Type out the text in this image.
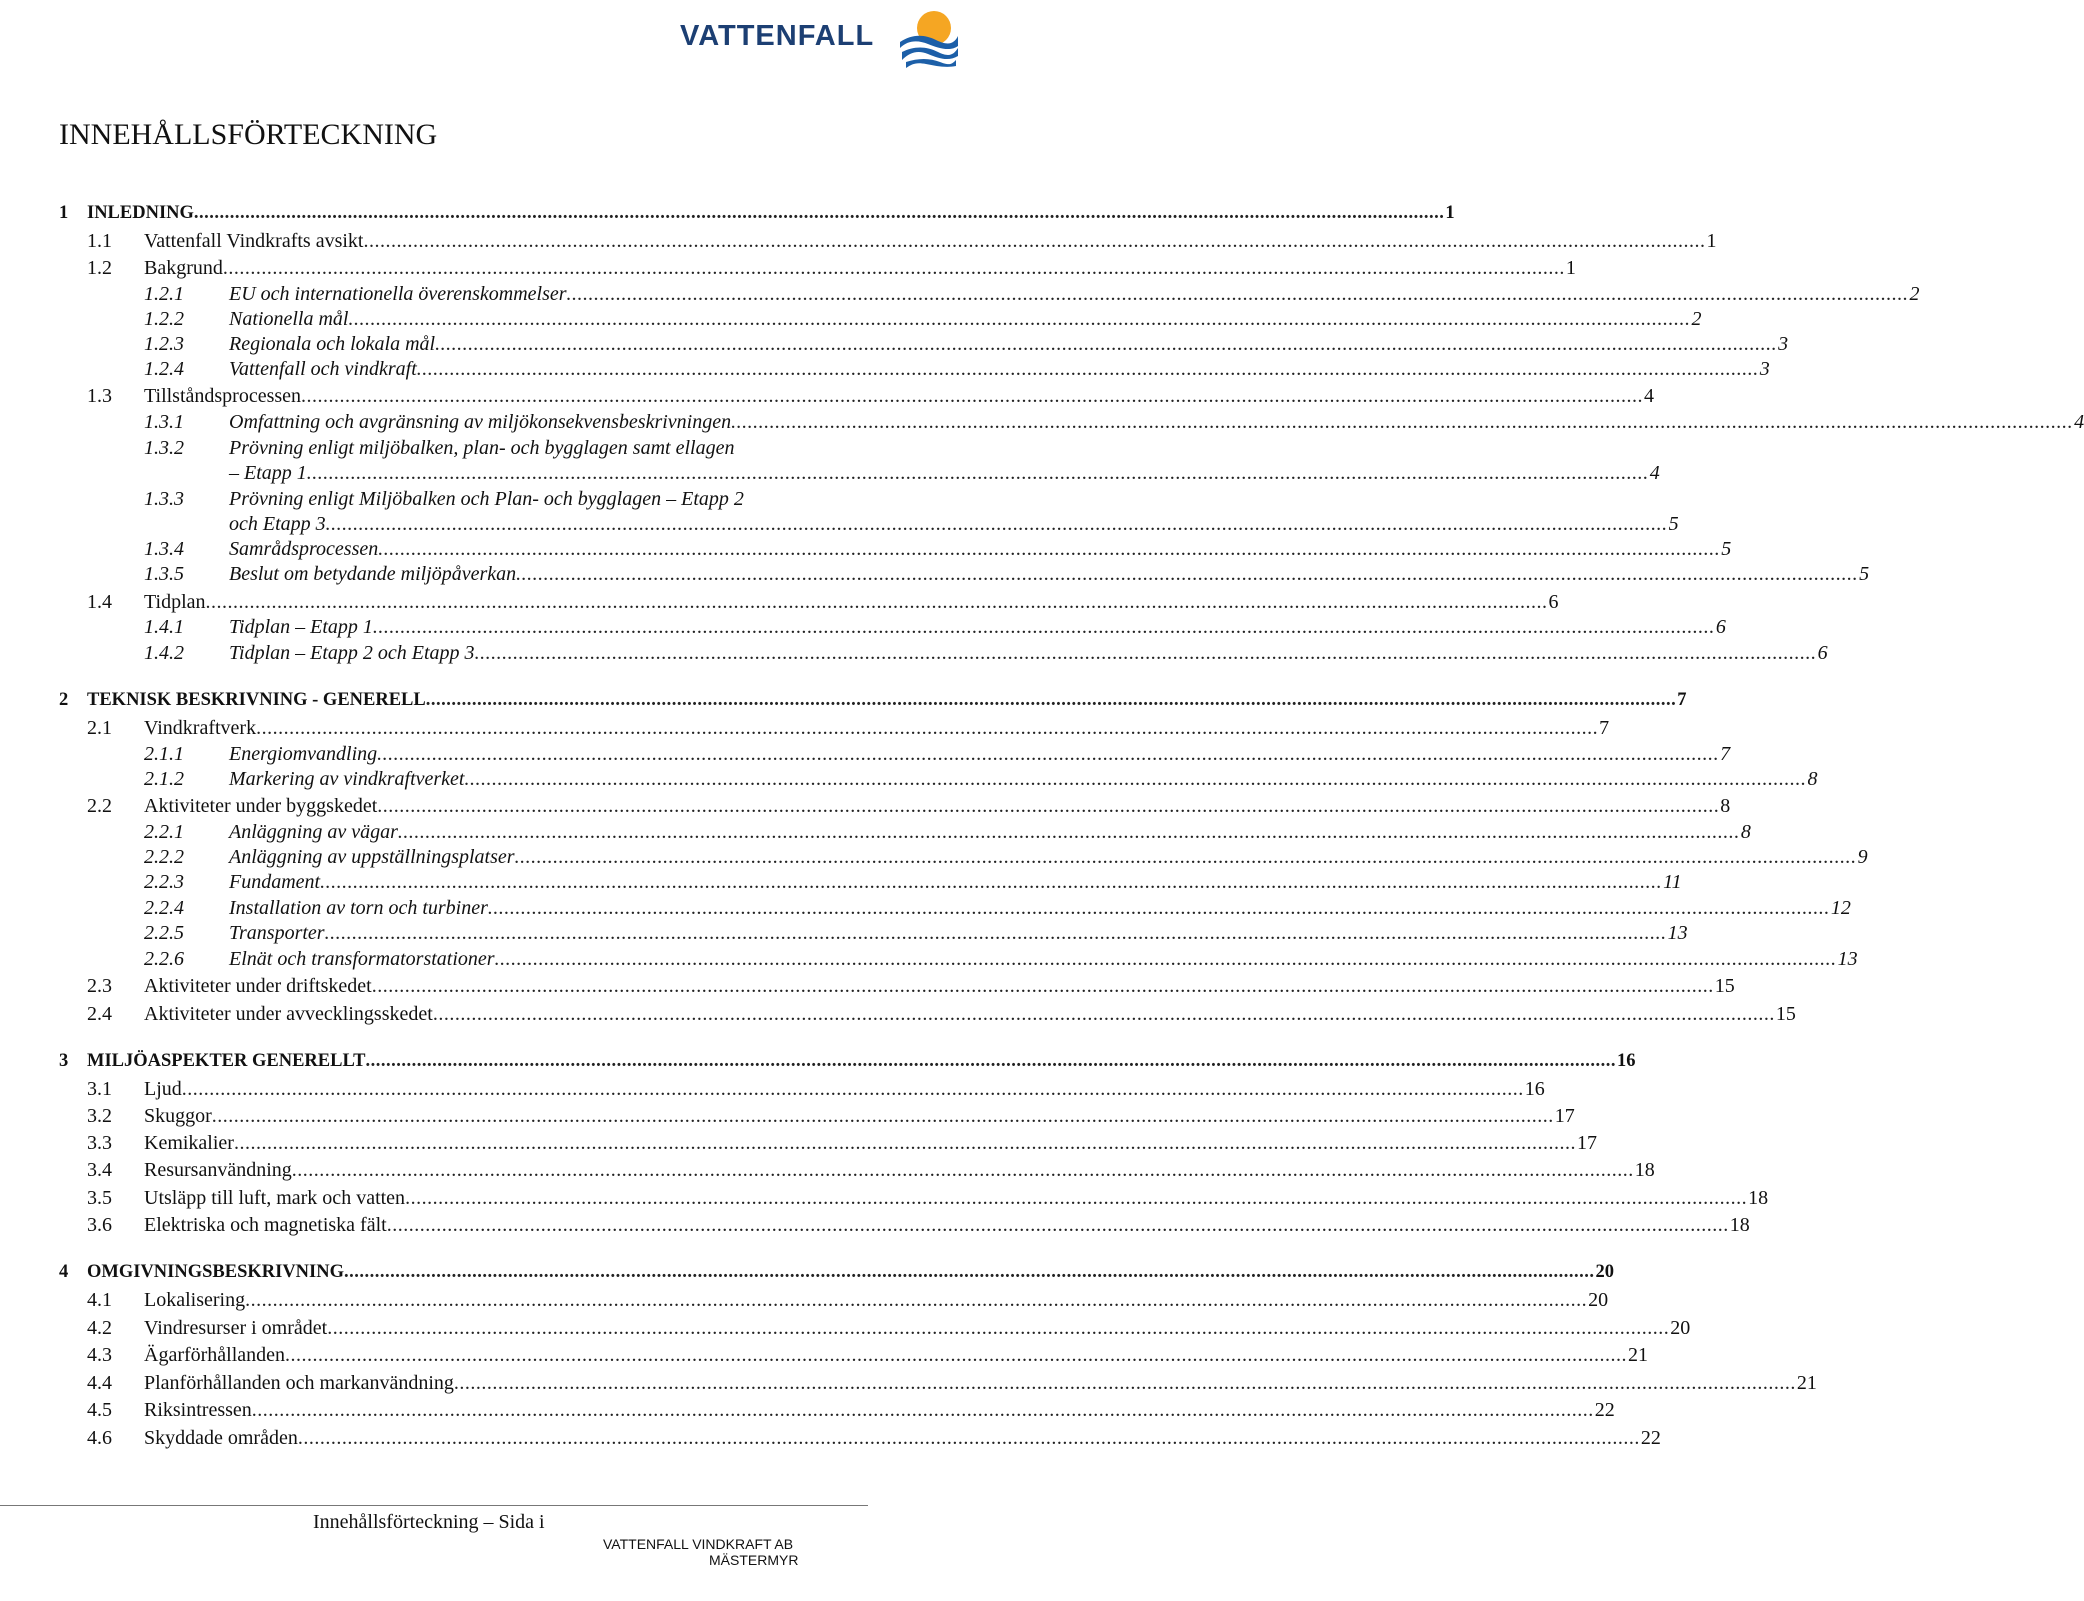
VATTENFALL
INNEHÅLLSFÖRTECKNING
1	INLEDNING .....	1
1.1	Vattenfall Vindkrafts avsikt .....	1
1.2	Bakgrund .....	1
1.2.1	EU och internationella överenskommelser .....	2
1.2.2	Nationella mål .....	2
1.2.3	Regionala och lokala mål .....	3
1.2.4	Vattenfall och vindkraft .....	3
1.3	Tillståndsprocessen .....	4
1.3.1	Omfattning och avgränsning av miljökonsekvensbeskrivningen .....	4
1.3.2	Prövning enligt miljöbalken, plan- och bygglagen samt ellagen
– Etapp 1 .....	4
1.3.3	Prövning enligt Miljöbalken och Plan- och bygglagen – Etapp 2
och Etapp 3 .....	5
1.3.4	Samrådsprocessen .....	5
1.3.5	Beslut om betydande miljöpåverkan .....	5
1.4	Tidplan .....	6
1.4.1	Tidplan – Etapp 1 .....	6
1.4.2	Tidplan – Etapp 2 och Etapp 3 .....	6
2	TEKNISK BESKRIVNING - GENERELL .....	7
2.1	Vindkraftverk .....	7
2.1.1	Energiomvandling .....	7
2.1.2	Markering av vindkraftverket .....	8
2.2	Aktiviteter under byggskedet .....	8
2.2.1	Anläggning av vägar .....	8
2.2.2	Anläggning av uppställningsplatser .....	9
2.2.3	Fundament .....	11
2.2.4	Installation av torn och turbiner .....	12
2.2.5	Transporter .....	13
2.2.6	Elnät och transformatorstationer .....	13
2.3	Aktiviteter under driftskedet .....	15
2.4	Aktiviteter under avvecklingsskedet .....	15
3	MILJÖASPEKTER GENERELLT .....	16
3.1	Ljud .....	16
3.2	Skuggor .....	17
3.3	Kemikalier .....	17
3.4	Resursanvändning .....	18
3.5	Utsläpp till luft, mark och vatten .....	18
3.6	Elektriska och magnetiska fält .....	18
4	OMGIVNINGSBESKRIVNING .....	20
4.1	Lokalisering .....	20
4.2	Vindresurser i området .....	20
4.3	Ägarförhållanden .....	21
4.4	Planförhållanden och markanvändning .....	21
4.5	Riksintressen .....	22
4.6	Skyddade områden .....	22
Innehållsförteckning – Sida i
VATTENFALL VINDKRAFT AB
MÄSTERMYR
